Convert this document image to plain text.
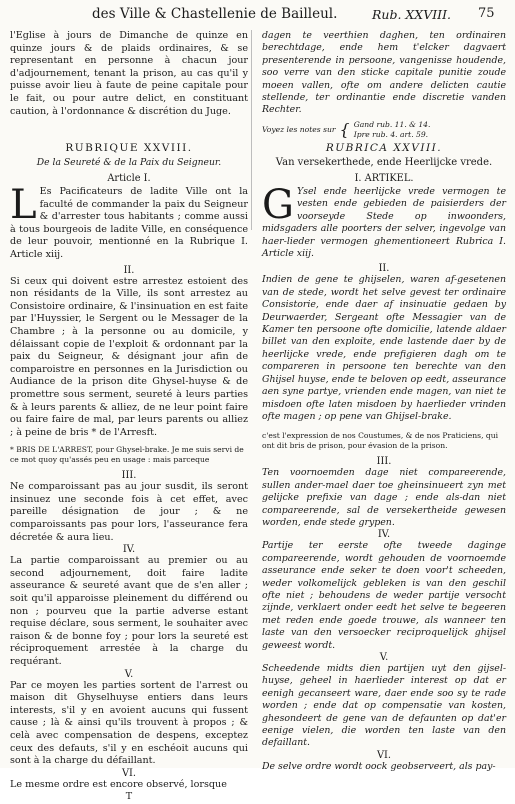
des Ville & Chastellenie de Bailleul.	Rub. XXVIII. 75

l'Eglise à jours de Dimanche de quinze en quinze jours & de plaids ordinaires, & se representant en personne à chacun jour d'adjournement, tenant la prison, au cas qu'il y puisse avoir lieu à faute de peine capitale pour le fait, ou pour autre delict, en constituant caution, à l'ordonnance & discrétion du Juge.

RUBRIQUE XXVIII.

De la Seureté & de la Paix du Seigneur.

Article I.

L Es Pacificateurs de ladite Ville ont la faculté de commander la paix du Seigneur & d'arrester tous habitants ; comme aussi à tous bourgeois de ladite Ville, en conséquence de leur pouvoir, mentionné en la Rubrique I. Article xiij.

II.

Si ceux qui doivent estre arrestez estoient des non résidants de la Ville, ils sont arrestez au Consistoire ordinaire, & l'insinuation en est faite par l'Huyssier, le Sergent ou le Messager de la Chambre ; à la personne ou au domicile, y délaissant copie de l'exploit & ordonnant par la paix du Seigneur, & désignant jour afin de comparoistre en personnes en la Jurisdiction ou Audiance de la prison dite Ghysel-huyse & de promettre sous serment, seureté à leurs parties & à leurs parents & alliez, de ne leur point faire ou faire faire de mal, par leurs parents ou alliez ; à peine de bris * de l'Arresft.

* BRIS DE L'ARREST, pour Ghysel-brake. Je me suis servi de ce mot quoy qu'assés peu en usage : mais parceque

III.

Ne comparoissant pas au jour susdit, ils seront insinuez une seconde fois à cet effet, avec pareille désignation de jour ; & ne comparoissants pas pour lors, l'asseurance fera décretée & aura lieu.

IV.

La partie comparoissant au premier ou au second adjournement, doit faire ladite asseurance & seureté avant que de s'en aller ; soit qu'il apparoisse pleinement du différend ou non ; pourveu que la partie adverse estant requise déclare, sous serment, le souhaiter avec raison & de bonne foy ; pour lors la seureté est réciproquement arrestée à la charge du requérant.

V.

Par ce moyen les parties sortent de l'arrest ou maison dit Ghyselhuyse entiers dans leurs interests, s'il y en avoient aucuns qui fussent cause ; là & ainsi qu'ils trouvent à propos ; & celà avec compensation de despens, exceptez ceux des defauts, s'il y en eschéoit aucuns qui sont à la charge du défaillant.

VI.

Le mesme ordre est encore observé, lorsque

T

dagen te veerthien daghen, ten ordinairen berechtdage, ende hem t'elcker dagvaert presenterende in persoone, vangenisse houdende, soo verre van den sticke capitale punitie zoude moeen vallen, ofte om andere delicten cautie stellende, ter ordinantie ende discretie vanden Rechter.

Voyez les notes sur { Gand rub. 11. & 14.
Ipre rub. 4. art. 59.

RUBRICA XXVIII.

Van versekerthede, ende Heerlijcke vrede.

I. ARTIKEL.

G Ysel ende heerlijcke vrede vermogen te vesten ende gebieden de paisierders der voorseyde Stede op inwoonders, midsgaders alle poorters der selver, ingevolge van haer-lieder vermogen ghementioneert Rubrica I. Article xiij.

II.

Indien de gene te ghijselen, waren af-gesetenen van de stede, wordt het selve gevest ter ordinaire Consistorie, ende daer af insinuatie gedaen by Deurwaerder, Sergeant ofte Messagier van de Kamer ten persoone ofte domicilie, latende aldaer billet van den exploite, ende lastende daer by de heerlijcke vrede, ende prefigieren dagh om te compareren in persoone ten berechte van den Ghijsel huyse, ende te beloven op eedt, asseurance aen syne partye, vrienden ende magen, van niet te misdoen ofte laten misdoen by haerlieder vrinden ofte magen ; op pene van Ghijsel-brake.

c'est l'expression de nos Coustumes, & de nos Praticiens, qui ont dit bris de prison, pour évasion de la prison.

III.

Ten voornoemden dage niet compareerende, sullen ander-mael daer toe gheinsinueert zyn met gelijcke prefixie van dage ; ende als-dan niet compareerende, sal de versekertheide gewesen worden, ende stede grypen.

IV.

Partije ter eerste ofte tweede daginge compareerende, wordt gehouden de voornoemde asseurance ende seker te doen voor't scheeden, weder volkomelijck gebleken is van den geschil ofte niet ; behoudens de weder partije versocht zijnde, verklaert onder eedt het selve te begeeren met reden ende goede trouwe, als wanneer ten laste van den versoecker reciproquelijck ghijsel geweest wordt.

V.

Scheedende midts dien partijen uyt den gijsel-huyse, geheel in haerlieder interest op dat er eenigh gecanseert ware, daer ende soo sy te rade worden ; ende dat op compensatie van kosten, ghesondeert de gene van de defaunten op dat'er eenige vielen, die worden ten laste van den defaillant.

VI.

De selve ordre wordt oock geobserveert, als pay-
